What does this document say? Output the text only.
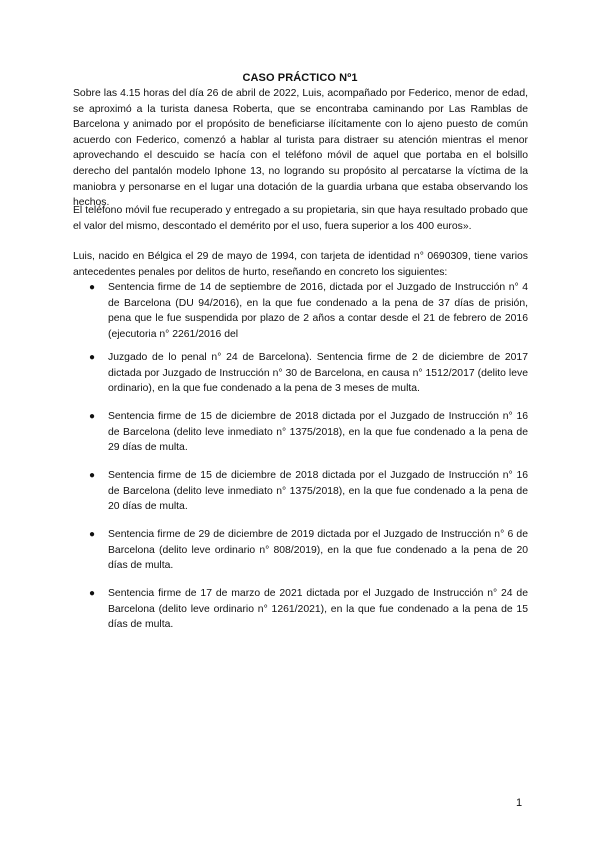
CASO PRÁCTICO Nº1

Sobre las 4.15 horas del día 26 de abril de 2022, Luis, acompañado por Federico, menor de edad, se aproximó a la turista danesa Roberta, que se encontraba caminando por Las Ramblas de Barcelona y animado por el propósito de beneficiarse ilícitamente con lo ajeno puesto de común acuerdo con Federico, comenzó a hablar al turista para distraer su atención mientras el menor aprovechando el descuido se hacía con el teléfono móvil de aquel que portaba en el bolsillo derecho del pantalón modelo Iphone 13, no logrando su propósito al percatarse la víctima de la maniobra y personarse en el lugar una dotación de la guardia urbana que estaba observando los hechos.

El teléfono móvil fue recuperado y entregado a su propietaria, sin que haya resultado probado que el valor del mismo, descontado el demérito por el uso, fuera superior a los 400 euros».

Luis, nacido en Bélgica el 29 de mayo de 1994, con tarjeta de identidad n° 0690309, tiene varios antecedentes penales por delitos de hurto, reseñando en concreto los siguientes:

● Sentencia firme de 14 de septiembre de 2016, dictada por el Juzgado de Instrucción n° 4 de Barcelona (DU 94/2016), en la que fue condenado a la pena de 37 días de prisión, pena que le fue suspendida por plazo de 2 años a contar desde el 21 de febrero de 2016 (ejecutoria n° 2261/2016 del

● Juzgado de lo penal n° 24 de Barcelona). Sentencia firme de 2 de diciembre de 2017 dictada por Juzgado de Instrucción n° 30 de Barcelona, en causa n° 1512/2017 (delito leve ordinario), en la que fue condenado a la pena de 3 meses de multa.

● Sentencia firme de 15 de diciembre de 2018 dictada por el Juzgado de Instrucción n° 16 de Barcelona (delito leve inmediato n° 1375/2018), en la que fue condenado a la pena de 29 días de multa.

● Sentencia firme de 15 de diciembre de 2018 dictada por el Juzgado de Instrucción n° 16 de Barcelona (delito leve inmediato n° 1375/2018), en la que fue condenado a la pena de 20 días de multa.

● Sentencia firme de 29 de diciembre de 2019 dictada por el Juzgado de Instrucción n° 6 de Barcelona (delito leve ordinario n° 808/2019), en la que fue condenado a la pena de 20 días de multa.

● Sentencia firme de 17 de marzo de 2021 dictada por el Juzgado de Instrucción n° 24 de Barcelona (delito leve ordinario n° 1261/2021), en la que fue condenado a la pena de 15 días de multa.

1
